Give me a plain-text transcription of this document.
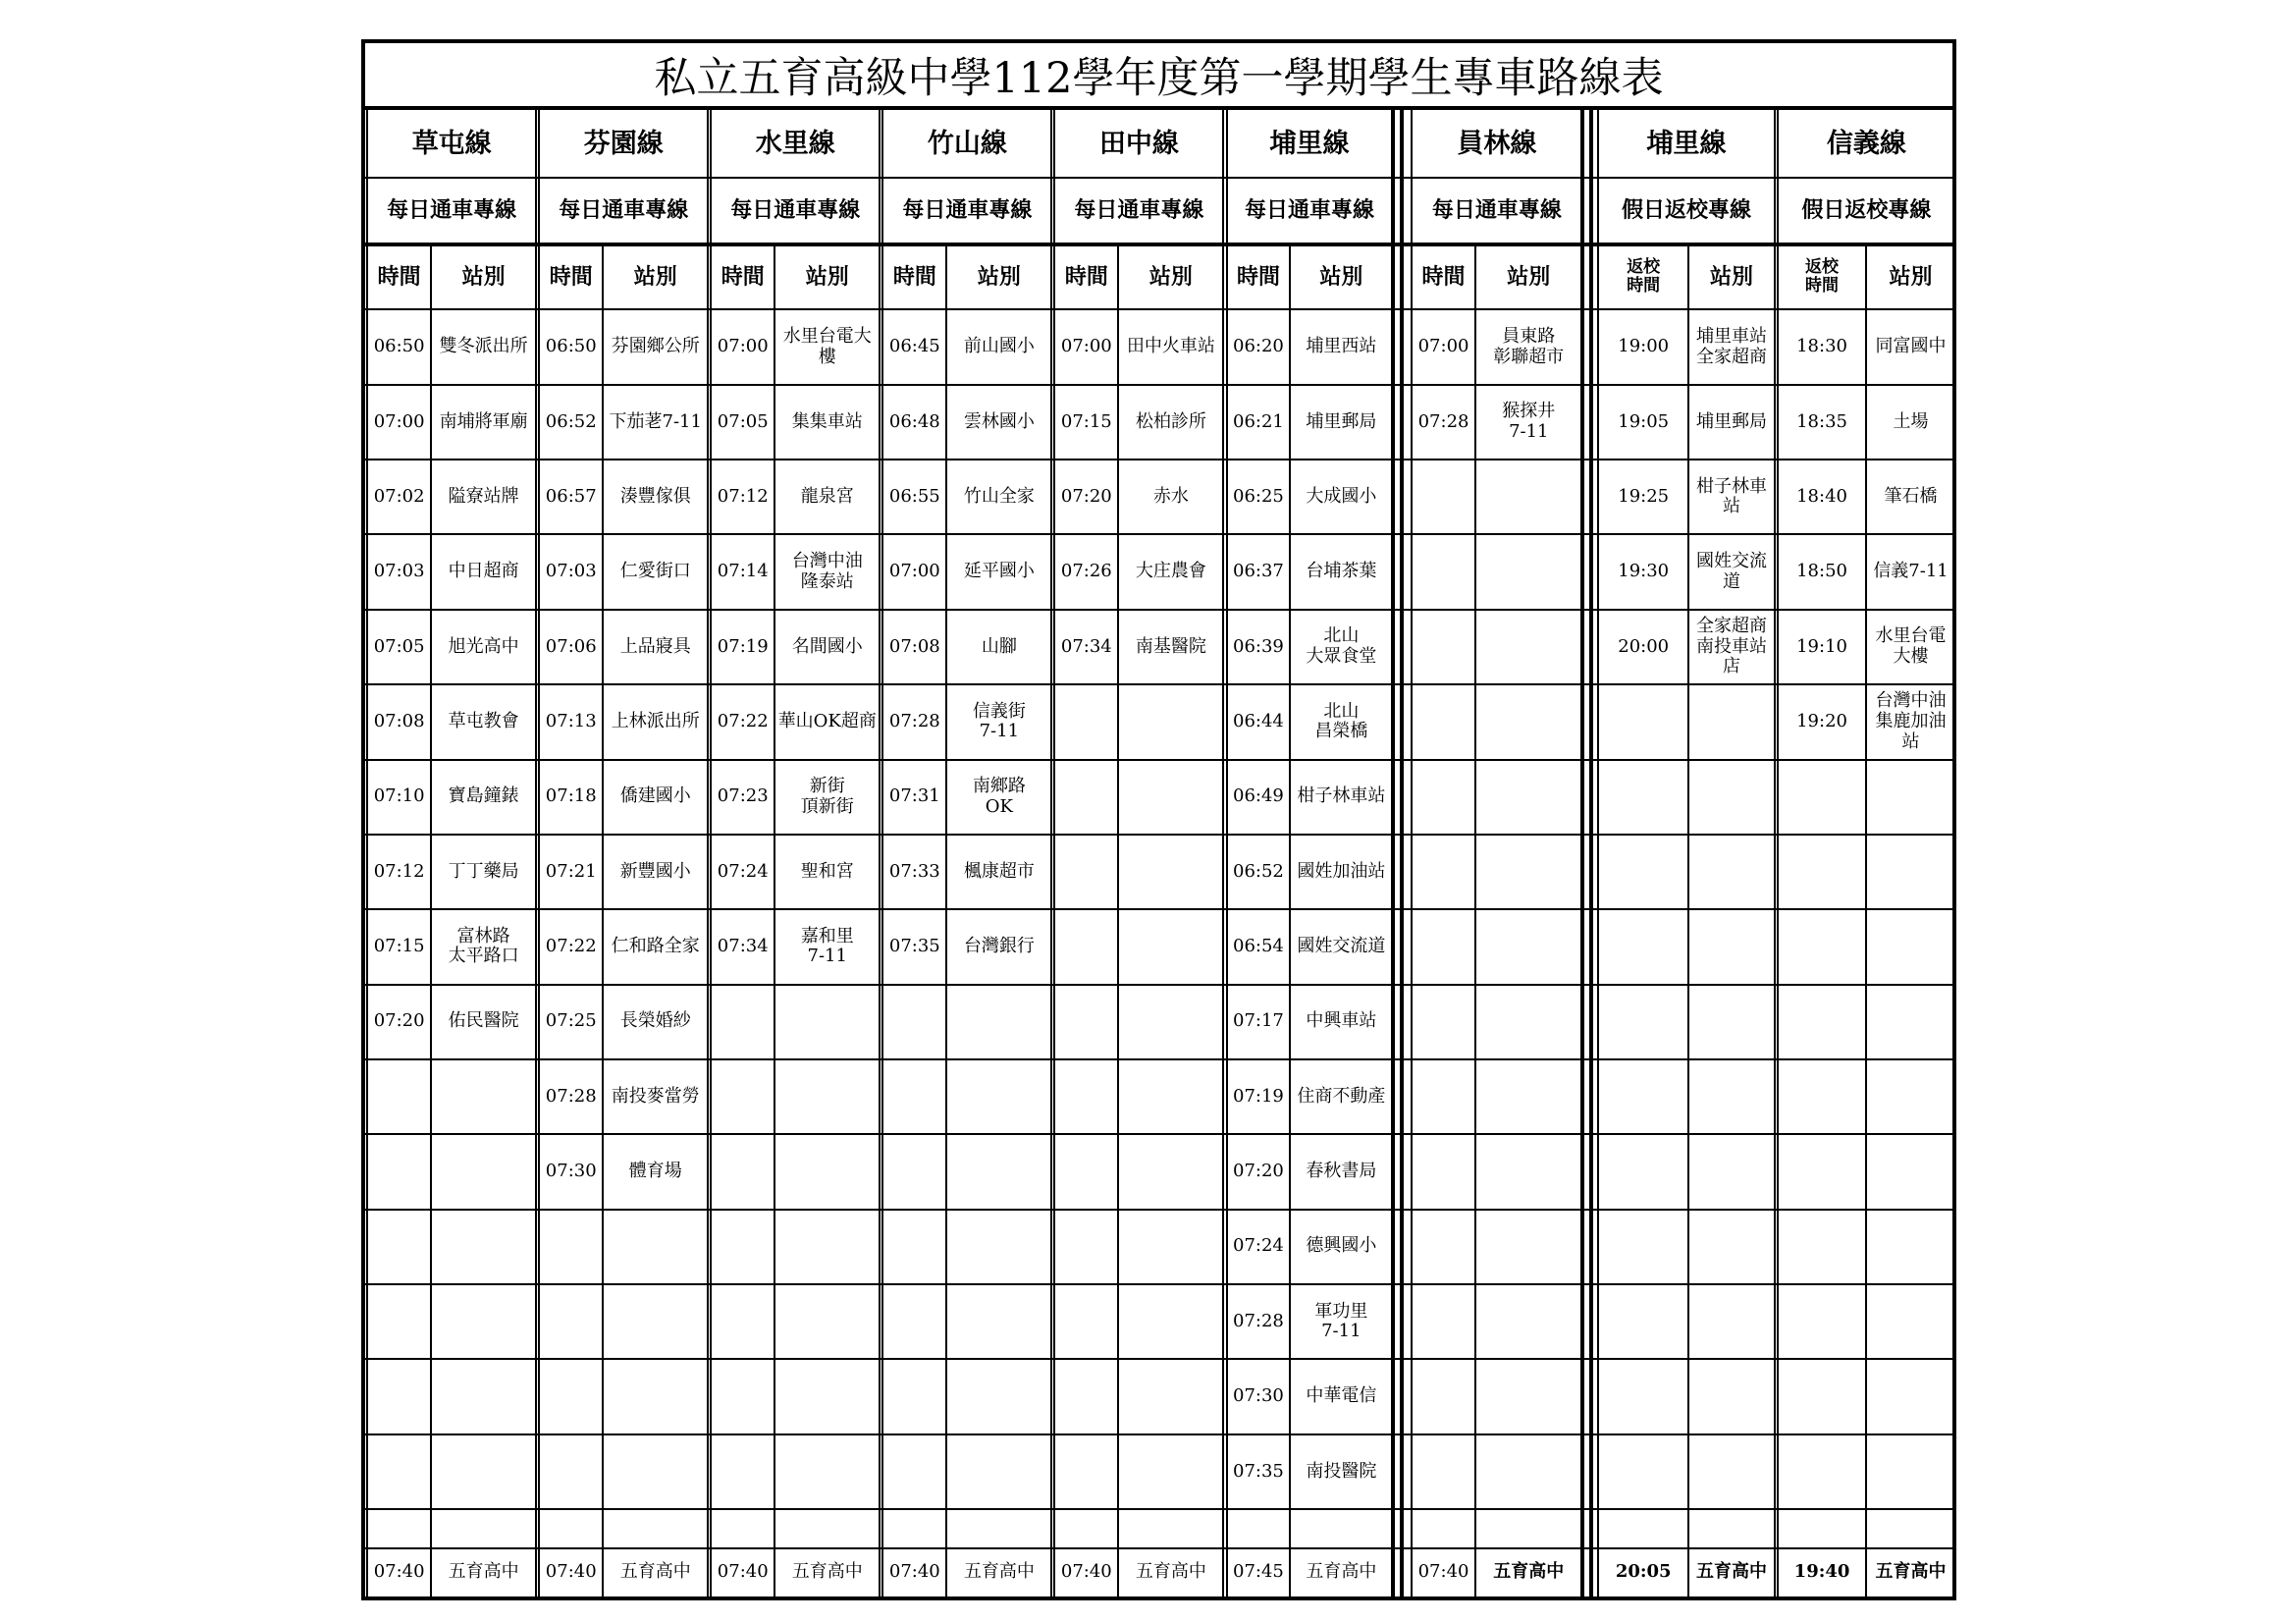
私立五育高級中學112學年度第一學期學生專車路線表
草屯線
每日通車專線
時間	站別
06:50 雙冬派出所
07:00 南埔將軍廟
07:02	隘寮站牌
07:03	中日超商
07:05	旭光高中
07:08	草屯教會
07:10	寶島鐘錶
07:12	丁丁藥局
07:15	富林路
太平路口
07:20	佑民醫院
07:40	五育高中
芬園線
每日通車專線
時間	站別
06:50 芬園鄉公所
06:52 下茄荖7-11
06:57	湊豐傢俱
07:03	仁愛街口
07:06	上品寢具
07:13 上林派出所
07:18	僑建國小
07:21	新豐國小
07:22 仁和路全家
07:25	長榮婚紗
07:28 南投麥當勞
07:30	體育場
07:40	五育高中
水里線
每日通車專線
時間	站別
07:00 水里台電大
樓
07:05	集集車站
07:12	龍泉宮
07:14	台灣中油
隆泰站
07:19	名間國小
07:22 華山OK超商
07:23	新街
頂新街
07:24	聖和宮
07:34	嘉和里
7-11
07:40	五育高中
竹山線
每日通車專線
時間	站別
06:45	前山國小
06:48	雲林國小
06:55	竹山全家
07:00	延平國小
07:08	山腳
07:28	信義街
7-11
07:31	南鄉路
OK
07:33	楓康超市
07:35	台灣銀行
07:40	五育高中
田中線
每日通車專線
時間	站別
07:00 田中火車站
07:15	松柏診所
07:20	赤水
07:26	大庄農會
07:34	南基醫院
07:40	五育高中
埔里線
每日通車專線
時間	站別
06:20	埔里西站
06:21	埔里郵局
06:25	大成國小
06:37	台埔茶葉
06:39	北山
大眾食堂
06:44	北山
昌榮橋
06:49 柑子林車站
06:52 國姓加油站
06:54 國姓交流道
07:17	中興車站
07:19 住商不動產
07:20	春秋書局
07:24	德興國小
07:28	軍功里
7-11
07:30	中華電信
07:35	南投醫院
07:45	五育高中
員林線
每日通車專線
時間	站別
07:00	員東路
彰聯超市
07:28	猴探井
7-11
07:40	五育高中
埔里線
假日返校專線
返校
時間	站別
19:00	埔里車站
全家超商
19:05	埔里郵局
19:25	柑子林車
站
19:30	國姓交流
道
20:00
全家超商
南投車站
店
20:05	五育高中
信義線
假日返校專線
返校
時間	站別
18:30	同富國中
18:35	土場
18:40	筆石橋
18:50	信義7-11
19:10	水里台電
大樓
19:20
台灣中油
集鹿加油
站
19:40	五育高中
